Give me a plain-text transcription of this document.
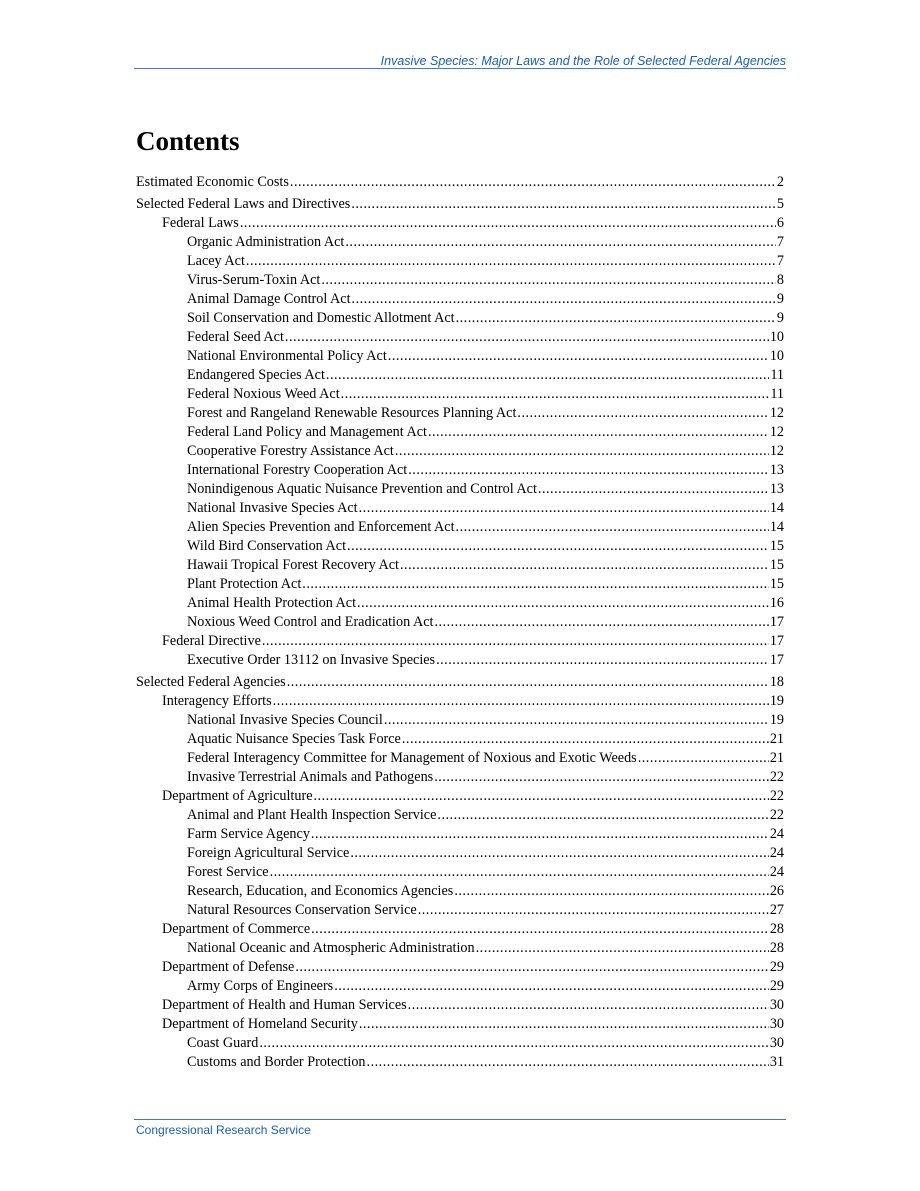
Invasive Species: Major Laws and the Role of Selected Federal Agencies

Contents
Estimated Economic Costs .....	2
Selected Federal Laws and Directives .....	5
Federal Laws .....	6
Organic Administration Act .....	7
Lacey Act .....	7
Virus-Serum-Toxin Act .....	8
Animal Damage Control Act .....	9
Soil Conservation and Domestic Allotment Act .....	9
Federal Seed Act .....	10
National Environmental Policy Act .....	10
Endangered Species Act .....	11
Federal Noxious Weed Act .....	11
Forest and Rangeland Renewable Resources Planning Act .....	12
Federal Land Policy and Management Act .....	12
Cooperative Forestry Assistance Act .....	12
International Forestry Cooperation Act .....	13
Nonindigenous Aquatic Nuisance Prevention and Control Act .....	13
National Invasive Species Act .....	14
Alien Species Prevention and Enforcement Act .....	14
Wild Bird Conservation Act .....	15
Hawaii Tropical Forest Recovery Act .....	15
Plant Protection Act .....	15
Animal Health Protection Act .....	16
Noxious Weed Control and Eradication Act .....	17
Federal Directive .....	17
Executive Order 13112 on Invasive Species .....	17
Selected Federal Agencies .....	18
Interagency Efforts .....	19
National Invasive Species Council .....	19
Aquatic Nuisance Species Task Force .....	21
Federal Interagency Committee for Management of Noxious and Exotic Weeds .....	21
Invasive Terrestrial Animals and Pathogens .....	22
Department of Agriculture .....	22
Animal and Plant Health Inspection Service .....	22
Farm Service Agency .....	24
Foreign Agricultural Service .....	24
Forest Service .....	24
Research, Education, and Economics Agencies .....	26
Natural Resources Conservation Service .....	27
Department of Commerce .....	28
National Oceanic and Atmospheric Administration .....	28
Department of Defense .....	29
Army Corps of Engineers .....	29
Department of Health and Human Services .....	30
Department of Homeland Security .....	30
Coast Guard .....	30
Customs and Border Protection .....	31

Congressional Research Service
